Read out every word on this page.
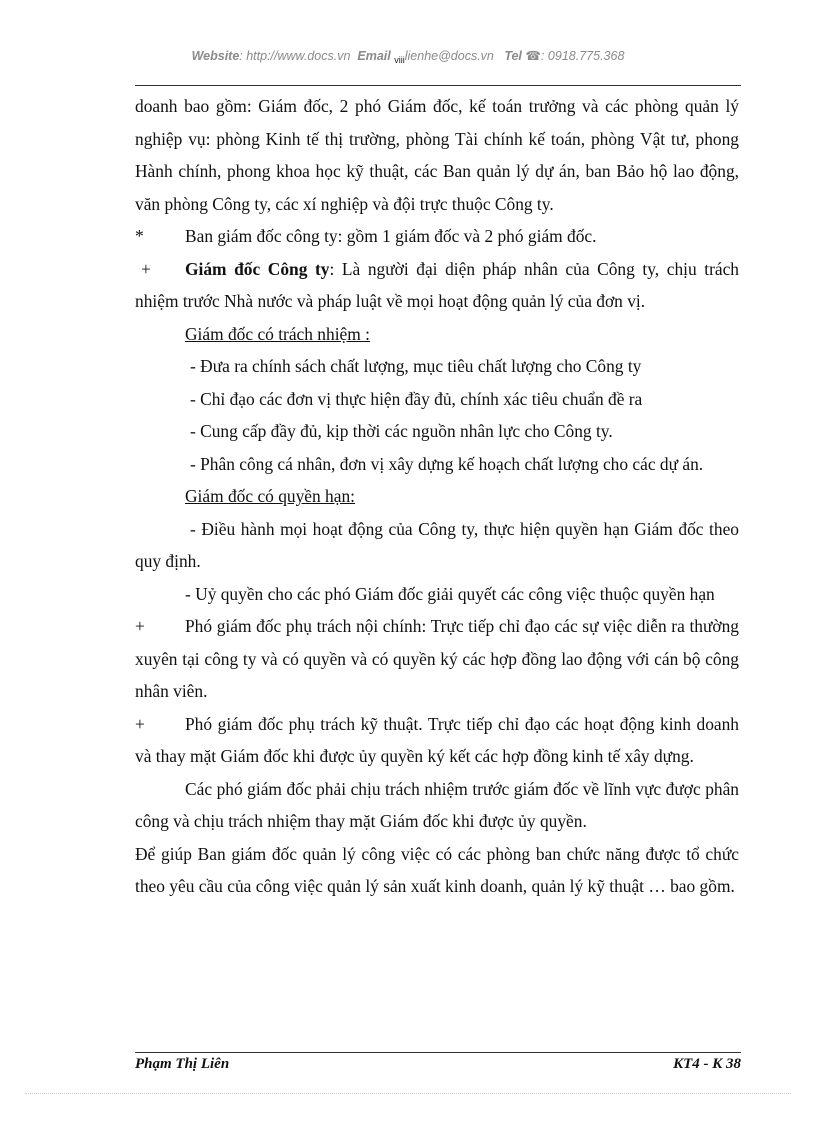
Website: http://www.docs.vn Email $_{viii}$lienhe@docs.vn Tel ☎: 0918.775.368

doanh bao gồm: Giám đốc, 2 phó Giám đốc, kế toán trưởng và các phòng quản lý nghiệp vụ: phòng Kinh tế thị trường, phòng Tài chính kế toán, phòng Vật tư, phong Hành chính, phong khoa học kỹ thuật, các Ban quản lý dự án, ban Bảo hộ lao động, văn phòng Công ty, các xí nghiệp và đội trực thuộc Công ty.

*	Ban giám đốc công ty: gồm 1 giám đốc và 2 phó giám đốc.

+ Giám đốc Công ty: Là người đại diện pháp nhân của Công ty, chịu trách nhiệm trước Nhà nước và pháp luật về mọi hoạt động quản lý của đơn vị.

Giám đốc có trách nhiệm :

- Đưa ra chính sách chất lượng, mục tiêu chất lượng cho Công ty

- Chỉ đạo các đơn vị thực hiện đầy đủ, chính xác tiêu chuẩn đề ra

- Cung cấp đầy đủ, kịp thời các nguồn nhân lực cho Công ty.

- Phân công cá nhân, đơn vị xây dựng kế hoạch chất lượng cho các dự án.

Giám đốc có quyền hạn:

- Điều hành mọi hoạt động của Công ty, thực hiện quyền hạn Giám đốc theo quy định.

- Uỷ quyền cho các phó Giám đốc giải quyết các công việc thuộc quyền hạn

+ Phó giám đốc phụ trách nội chính: Trực tiếp chỉ đạo các sự việc diễn ra thường xuyên tại công ty và có quyền và có quyền ký các hợp đồng lao động với cán bộ công nhân viên.

+ Phó giám đốc phụ trách kỹ thuật. Trực tiếp chỉ đạo các hoạt động kinh doanh và thay mặt Giám đốc khi được ủy quyền ký kết các hợp đồng kinh tế xây dựng.

Các phó giám đốc phải chịu trách nhiệm trước giám đốc về lĩnh vực được phân công và chịu trách nhiệm thay mặt Giám đốc khi được ủy quyền.

Để giúp Ban giám đốc quản lý công việc có các phòng ban chức năng được tổ chức theo yêu cầu của công việc quản lý sản xuất kinh doanh, quản lý kỹ thuật … bao gồm.

Phạm Thị Liên	KT4 - K 38
